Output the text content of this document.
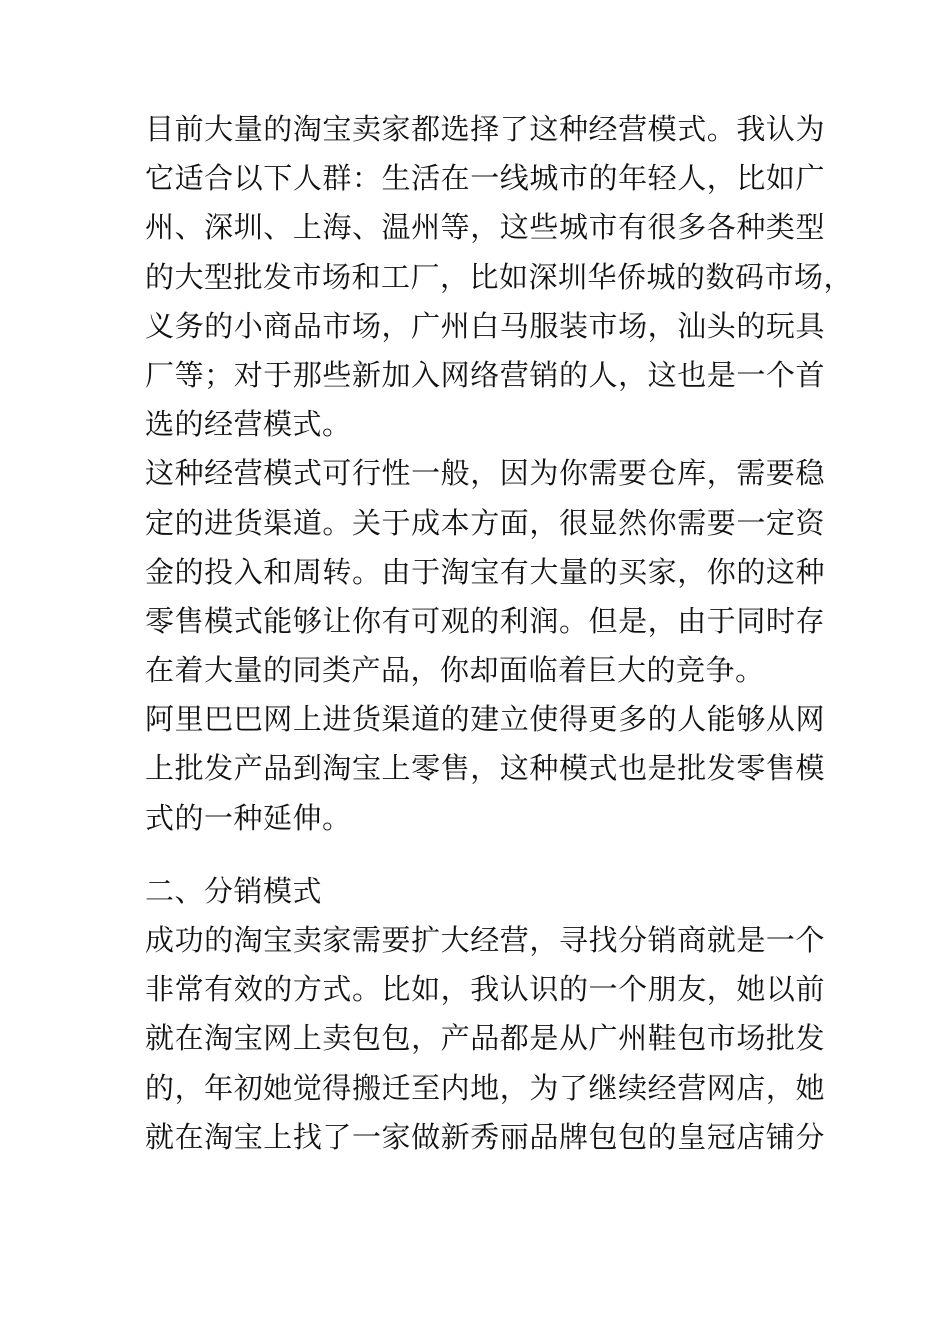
目前大量的淘宝卖家都选择了这种经营模式。我认为
它适合以下人群：生活在一线城市的年轻人，比如广
州、深圳、上海、温州等，这些城市有很多各种类型
的大型批发市场和工厂，比如深圳华侨城的数码市场，
义务的小商品市场，广州白马服装市场，汕头的玩具
厂等；对于那些新加入网络营销的人，这也是一个首
选的经营模式。
这种经营模式可行性一般，因为你需要仓库，需要稳
定的进货渠道。关于成本方面，很显然你需要一定资
金的投入和周转。由于淘宝有大量的买家，你的这种
零售模式能够让你有可观的利润。但是，由于同时存
在着大量的同类产品，你却面临着巨大的竞争。
阿里巴巴网上进货渠道的建立使得更多的人能够从网
上批发产品到淘宝上零售，这种模式也是批发零售模
式的一种延伸。
二、分销模式
成功的淘宝卖家需要扩大经营，寻找分销商就是一个
非常有效的方式。比如，我认识的一个朋友，她以前
就在淘宝网上卖包包，产品都是从广州鞋包市场批发
的，年初她觉得搬迁至内地，为了继续经营网店，她
就在淘宝上找了一家做新秀丽品牌包包的皇冠店铺分
